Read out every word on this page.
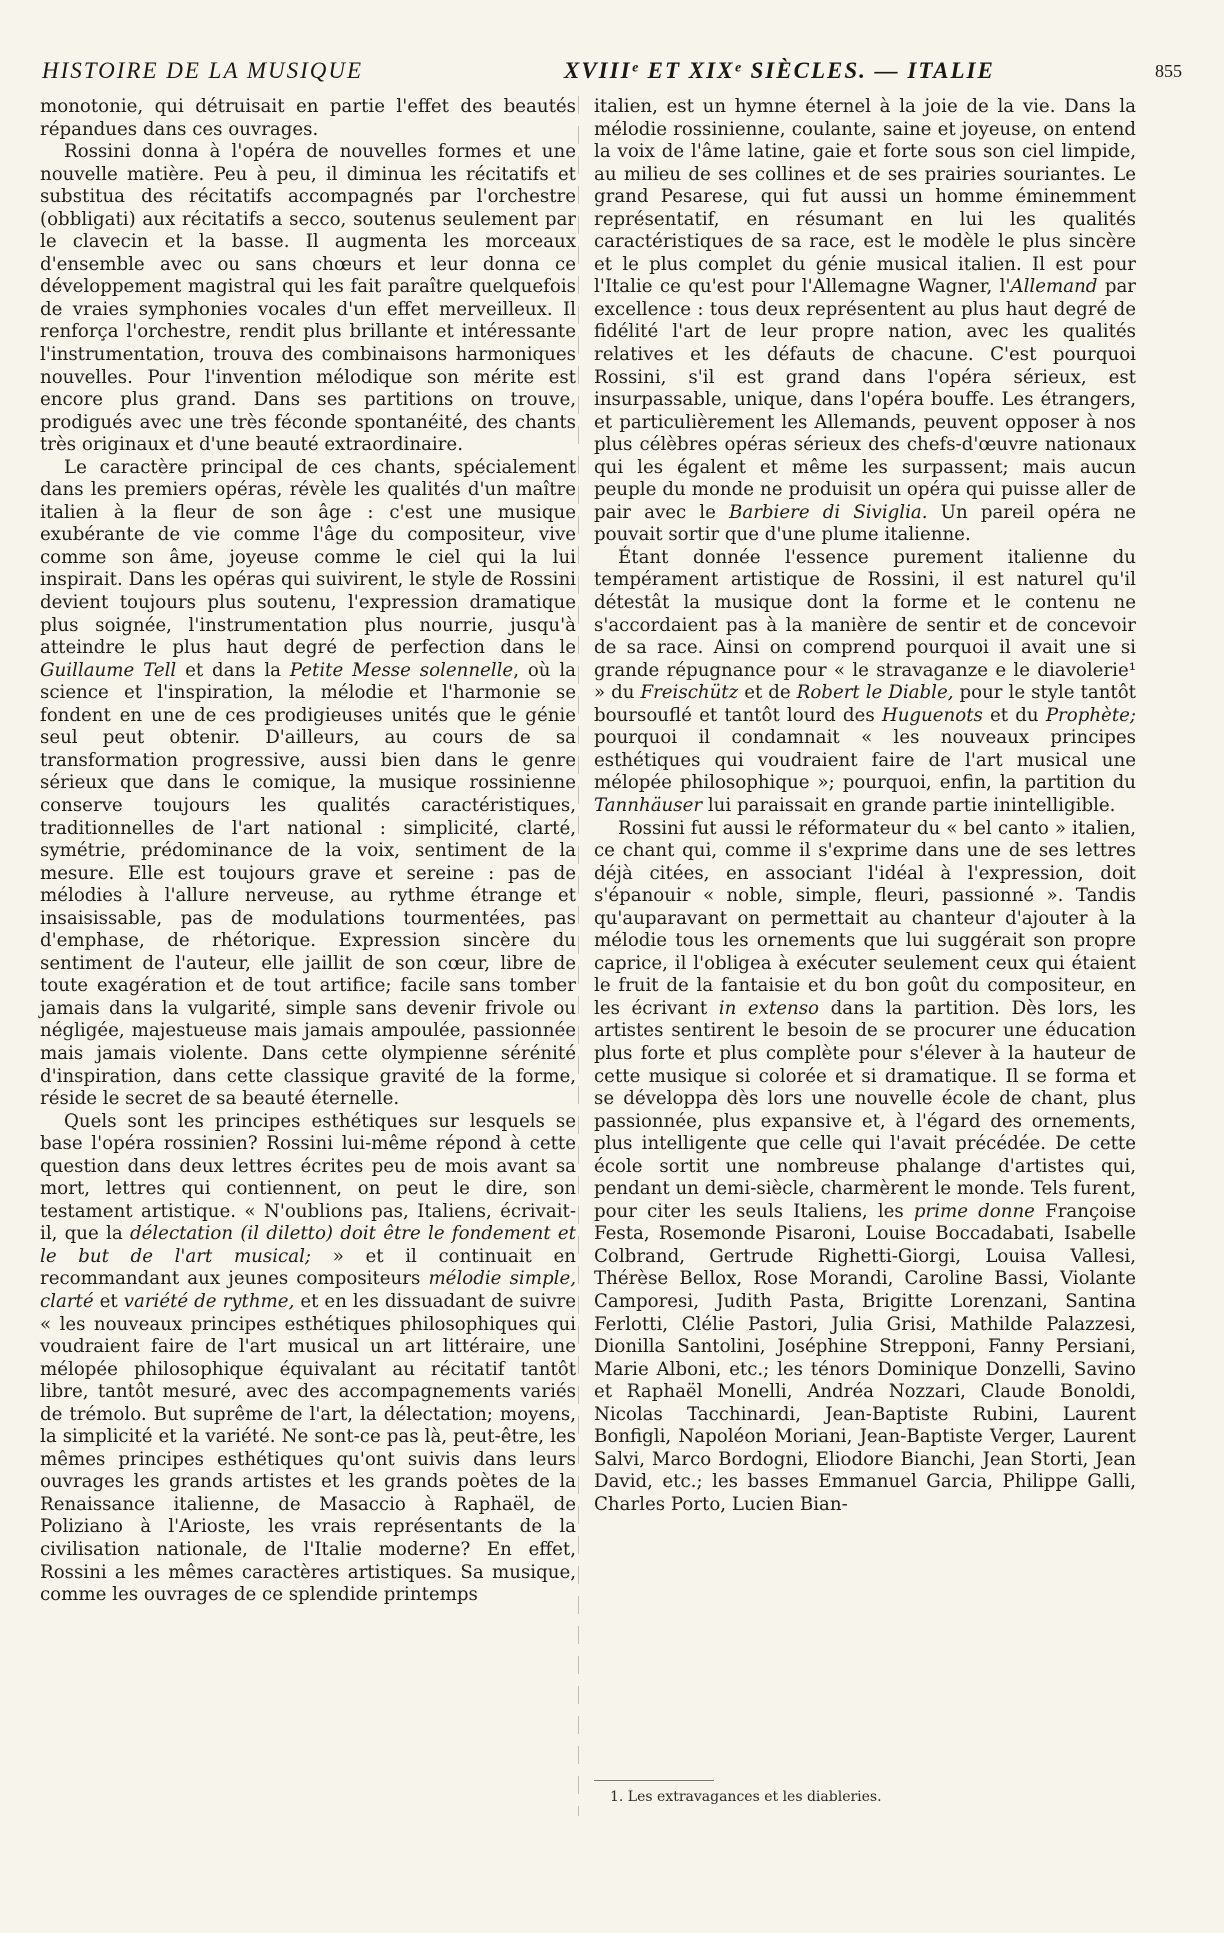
HISTOIRE DE LA MUSIQUE	XVIIIᵉ ET XIXᵉ SIÈCLES. — ITALIE	855

monotonie, qui détruisait en partie l'effet des beautés répandues dans ces ouvrages.

Rossini donna à l'opéra de nouvelles formes et une nouvelle matière. Peu à peu, il diminua les récitatifs et substitua des récitatifs accompagnés par l'orchestre (obbligati) aux récitatifs a secco, soutenus seulement par le clavecin et la basse. Il augmenta les morceaux d'ensemble avec ou sans chœurs et leur donna ce développement magistral qui les fait paraître quelquefois de vraies symphonies vocales d'un effet merveilleux. Il renforça l'orchestre, rendit plus brillante et intéressante l'instrumentation, trouva des combinaisons harmoniques nouvelles. Pour l'invention mélodique son mérite est encore plus grand. Dans ses partitions on trouve, prodigués avec une très féconde spontanéité, des chants très originaux et d'une beauté extraordinaire.

Le caractère principal de ces chants, spécialement dans les premiers opéras, révèle les qualités d'un maître italien à la fleur de son âge : c'est une musique exubérante de vie comme l'âge du compositeur, vive comme son âme, joyeuse comme le ciel qui la lui inspirait. Dans les opéras qui suivirent, le style de Rossini devient toujours plus soutenu, l'expression dramatique plus soignée, l'instrumentation plus nourrie, jusqu'à atteindre le plus haut degré de perfection dans le Guillaume Tell et dans la Petite Messe solennelle, où la science et l'inspiration, la mélodie et l'harmonie se fondent en une de ces prodigieuses unités que le génie seul peut obtenir. D'ailleurs, au cours de sa transformation progressive, aussi bien dans le genre sérieux que dans le comique, la musique rossinienne conserve toujours les qualités caractéristiques, traditionnelles de l'art national : simplicité, clarté, symétrie, prédominance de la voix, sentiment de la mesure. Elle est toujours grave et sereine : pas de mélodies à l'allure nerveuse, au rythme étrange et insaisissable, pas de modulations tourmentées, pas d'emphase, de rhétorique. Expression sincère du sentiment de l'auteur, elle jaillit de son cœur, libre de toute exagération et de tout artifice; facile sans tomber jamais dans la vulgarité, simple sans devenir frivole ou négligée, majestueuse mais jamais ampoulée, passionnée mais jamais violente. Dans cette olympienne sérénité d'inspiration, dans cette classique gravité de la forme, réside le secret de sa beauté éternelle.

Quels sont les principes esthétiques sur lesquels se base l'opéra rossinien? Rossini lui-même répond à cette question dans deux lettres écrites peu de mois avant sa mort, lettres qui contiennent, on peut le dire, son testament artistique. « N'oublions pas, Italiens, écrivait-il, que la délectation (il diletto) doit être le fondement et le but de l'art musical; » et il continuait en recommandant aux jeunes compositeurs mélodie simple, clarté et variété de rythme, et en les dissuadant de suivre « les nouveaux principes esthétiques philosophiques qui voudraient faire de l'art musical un art littéraire, une mélopée philosophique équivalant au récitatif tantôt libre, tantôt mesuré, avec des accompagnements variés de trémolo. But suprême de l'art, la délectation; moyens, la simplicité et la variété. Ne sont-ce pas là, peut-être, les mêmes principes esthétiques qu'ont suivis dans leurs ouvrages les grands artistes et les grands poètes de la Renaissance italienne, de Masaccio à Raphaël, de Poliziano à l'Arioste, les vrais représentants de la civilisation nationale, de l'Italie moderne? En effet, Rossini a les mêmes caractères artistiques. Sa musique, comme les ouvrages de ce splendide printemps

italien, est un hymne éternel à la joie de la vie. Dans la mélodie rossinienne, coulante, saine et joyeuse, on entend la voix de l'âme latine, gaie et forte sous son ciel limpide, au milieu de ses collines et de ses prairies souriantes. Le grand Pesarese, qui fut aussi un homme éminemment représentatif, en résumant en lui les qualités caractéristiques de sa race, est le modèle le plus sincère et le plus complet du génie musical italien. Il est pour l'Italie ce qu'est pour l'Allemagne Wagner, l'Allemand par excellence : tous deux représentent au plus haut degré de fidélité l'art de leur propre nation, avec les qualités relatives et les défauts de chacune. C'est pourquoi Rossini, s'il est grand dans l'opéra sérieux, est insurpassable, unique, dans l'opéra bouffe. Les étrangers, et particulièrement les Allemands, peuvent opposer à nos plus célèbres opéras sérieux des chefs-d'œuvre nationaux qui les égalent et même les surpassent; mais aucun peuple du monde ne produisit un opéra qui puisse aller de pair avec le Barbiere di Siviglia. Un pareil opéra ne pouvait sortir que d'une plume italienne.

Étant donnée l'essence purement italienne du tempérament artistique de Rossini, il est naturel qu'il détestât la musique dont la forme et le contenu ne s'accordaient pas à la manière de sentir et de concevoir de sa race. Ainsi on comprend pourquoi il avait une si grande répugnance pour « le stravaganze e le diavolerie¹ » du Freischütz et de Robert le Diable, pour le style tantôt boursouflé et tantôt lourd des Huguenots et du Prophète; pourquoi il condamnait « les nouveaux principes esthétiques qui voudraient faire de l'art musical une mélopée philosophique »; pourquoi, enfin, la partition du Tannhäuser lui paraissait en grande partie inintelligible.

Rossini fut aussi le réformateur du « bel canto » italien, ce chant qui, comme il s'exprime dans une de ses lettres déjà citées, en associant l'idéal à l'expression, doit s'épanouir « noble, simple, fleuri, passionné ». Tandis qu'auparavant on permettait au chanteur d'ajouter à la mélodie tous les ornements que lui suggérait son propre caprice, il l'obligea à exécuter seulement ceux qui étaient le fruit de la fantaisie et du bon goût du compositeur, en les écrivant in extenso dans la partition. Dès lors, les artistes sentirent le besoin de se procurer une éducation plus forte et plus complète pour s'élever à la hauteur de cette musique si colorée et si dramatique. Il se forma et se développa dès lors une nouvelle école de chant, plus passionnée, plus expansive et, à l'égard des ornements, plus intelligente que celle qui l'avait précédée. De cette école sortit une nombreuse phalange d'artistes qui, pendant un demi-siècle, charmèrent le monde. Tels furent, pour citer les seuls Italiens, les prime donne Françoise Festa, Rosemonde Pisaroni, Louise Boccadabati, Isabelle Colbrand, Gertrude Righetti-Giorgi, Louisa Vallesi, Thérèse Bellox, Rose Morandi, Caroline Bassi, Violante Camporesi, Judith Pasta, Brigitte Lorenzani, Santina Ferlotti, Clélie Pastori, Julia Grisi, Mathilde Palazzesi, Dionilla Santolini, Joséphine Strepponi, Fanny Persiani, Marie Alboni, etc.; les ténors Dominique Donzelli, Savino et Raphaël Monelli, Andréa Nozzari, Claude Bonoldi, Nicolas Tacchinardi, Jean-Baptiste Rubini, Laurent Bonfigli, Napoléon Moriani, Jean-Baptiste Verger, Laurent Salvi, Marco Bordogni, Eliodore Bianchi, Jean Storti, Jean David, etc.; les basses Emmanuel Garcia, Philippe Galli, Charles Porto, Lucien Bian-

1. Les extravagances et les diableries.
